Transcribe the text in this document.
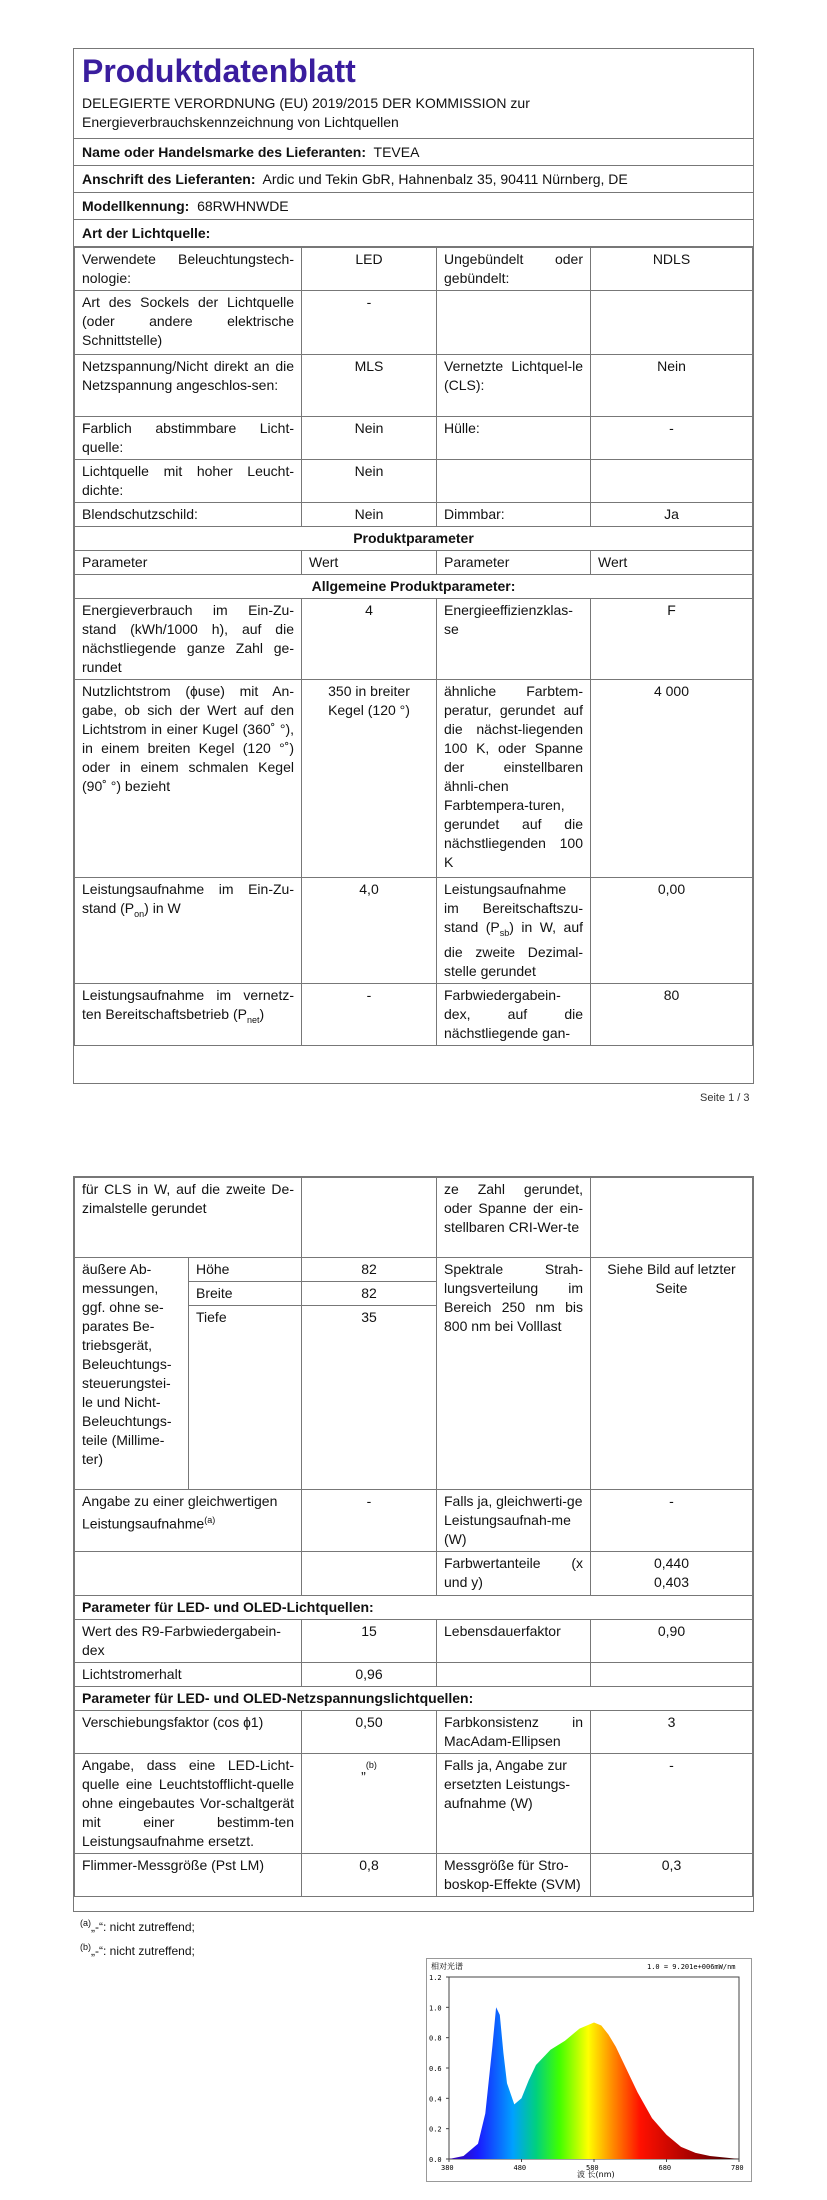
Produktdatenblatt
DELEGIERTE VERORDNUNG (EU) 2019/2015 DER KOMMISSION zur Energieverbrauchskennzeichnung von Lichtquellen
Name oder Handelsmarke des Lieferanten: TEVEA
Anschrift des Lieferanten: Ardic und Tekin GbR, Hahnenbalz 35, 90411 Nürnberg, DE
Modellkennung: 68RWHNWDE
Art der Lichtquelle:
Verwendete Beleuchtungstech-nologie:	LED	Ungebündelt oder gebündelt:	NDLS
Art des Sockels der Lichtquelle (oder andere elektrische Schnittstelle)	-		
Netzspannung/Nicht direkt an die Netzspannung angeschlos-sen:	MLS	Vernetzte Lichtquel-le (CLS):	Nein
Farblich abstimmbare Licht-quelle:	Nein	Hülle:	-
Lichtquelle mit hoher Leucht-dichte:	Nein		
Blendschutzschild:	Nein	Dimmbar:	Ja
Produktparameter			
Parameter	Wert	Parameter	Wert
Allgemeine Produktparameter:			
Energieverbrauch im Ein-Zu-stand (kWh/1000 h), auf die nächstliegende ganze Zahl ge-rundet	4	Energieeffizienzklas-se	F
Nutzlichtstrom (ɸuse) mit An-gabe, ob sich der Wert auf den Lichtstrom in einer Kugel (360˚ °), in einem breiten Kegel (120 °˚) oder in einem schmalen Kegel (90˚ °) bezieht	350 in breiter Kegel (120 °)	ähnliche Farbtem-peratur, gerundet auf die nächst-liegenden 100 K, oder Spanne der einstellbaren ähnli-chen Farbtempera-turen, gerundet auf die nächstliegenden 100 K	4 000
Leistungsaufnahme im Ein-Zu-stand $(P_{on})$ in W	4,0	Leistungsaufnahme im Bereitschaftszu-stand $(P_{sb})$ in W, auf die zweite Dezimal-stelle gerundet	0,00
Leistungsaufnahme im vernetz-ten Bereitschaftsbetrieb $(P_{net})$	-	Farbwiedergabein-dex, auf die nächstliegende gan-	80
Seite 1 / 3
für CLS in W, auf die zweite De-zimalstelle gerundet			ze Zahl gerundet, oder Spanne der ein-stellbaren CRI-Wer-te	
äußere Ab-messungen, ggf. ohne se-parates Be-triebsgerät, Beleuchtungs-steuerungstei-le und Nicht-Beleuchtungs-teile (Millime-ter)	Höhe	82	Spektrale Strah-lungsverteilung im Bereich 250 nm bis 800 nm bei Volllast	Siehe Bild auf letzter Seite
	Breite	82		
	Tiefe	35		

Angabe zu einer gleichwertigen Leistungsaufnahme$^{(a)}$		-	Falls ja, gleichwerti-ge Leistungsaufnah-me (W)	-
			Farbwertanteile (x und y)	0,440
0,403

Parameter für LED- und OLED-Lichtquellen:				
Wert des R9-Farbwiedergabein-dex		15	Lebensdauerfaktor	0,90
Lichtstromerhalt		0,96		
Parameter für LED- und OLED-Netzspannungslichtquellen:				
Verschiebungsfaktor (cos ɸ1)		0,50	Farbkonsistenz in MacAdam-Ellipsen	3
Angabe, dass eine LED-Licht-quelle eine Leuchtstofflicht-quelle ohne eingebautes Vor-schaltgerät mit einer bestimm-ten Leistungsaufnahme ersetzt.		„$^{(b)}$	Falls ja, Angabe zur ersetzten Leistungs-aufnahme (W)	-
Flimmer-Messgröße (Pst LM)		0,8	Messgröße für Stro-boskop-Effekte (SVM)	0,3
$^{(a)}$„-“: nicht zutreffend;
$^{(b)}$„-“: nicht zutreffend;
相对光谱	1.0 = 9.201e+006mW/nm
0.0
0.2
0.4
0.6
0.8
1.0
1.2
380	480	580	680	780
波 长(nm)
